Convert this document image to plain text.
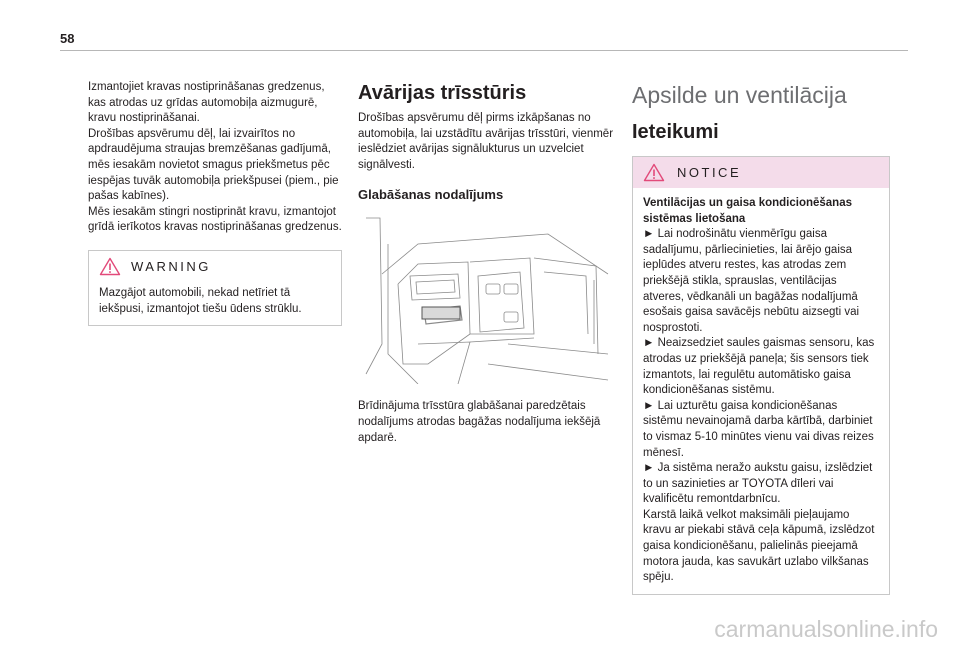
58

Izmantojiet kravas nostiprināšanas gredzenus, kas atrodas uz grīdas automobiļa aizmugurē, kravu nostiprināšanai.
Drošības apsvērumu dēļ, lai izvairītos no apdraudējuma straujas bremzēšanas gadījumā, mēs iesakām novietot smagus priekšmetus pēc iespējas tuvāk automobiļa priekšpusei (piem., pie pašas kabīnes).
Mēs iesakām stingri nostiprināt kravu, izmantojot grīdā ierīkotos kravas nostiprināšanas gredzenus.

WARNING

Mazgājot automobili, nekad netīriet tā iekšpusi, izmantojot tiešu ūdens strūklu.

Avārijas trīsstūris

Drošības apsvērumu dēļ pirms izkāpšanas no automobiļa, lai uzstādītu avārijas trīsstūri, vienmēr ieslēdziet avārijas signālukturus un uzvelciet signālvesti.

Glabāšanas nodalījums

Brīdinājuma trīsstūra glabāšanai paredzētais nodalījums atrodas bagāžas nodalījuma iekšējā apdarē.

Apsilde un ventilācija
Ieteikumi
NOTICE

Ventilācijas un gaisa kondicionēšanas sistēmas lietošana

► Lai nodrošinātu vienmērīgu gaisa sadalījumu, pārliecinieties, lai ārējo gaisa ieplūdes atveru restes, kas atrodas zem priekšējā stikla, sprauslas, ventilācijas atveres, vēdkanāli un bagāžas nodalījumā esošais gaisa savācējs nebūtu aizsegti vai nosprostoti.
► Neaizsedziet saules gaismas sensoru, kas atrodas uz priekšējā paneļa; šis sensors tiek izmantots, lai regulētu automātisko gaisa kondicionēšanas sistēmu.
► Lai uzturētu gaisa kondicionēšanas sistēmu nevainojamā darba kārtībā, darbiniet to vismaz 5-10 minūtes vienu vai divas reizes mēnesī.
► Ja sistēma neražo aukstu gaisu, izslēdziet to un sazinieties ar TOYOTA dīleri vai kvalificētu remontdarbnīcu.
Karstā laikā velkot maksimāli pieļaujamo kravu ar piekabi stāvā ceļa kāpumā, izslēdzot gaisa kondicionēšanu, palielinās pieejamā motora jauda, kas savukārt uzlabo vilkšanas spēju.

carmanualsonline.info
